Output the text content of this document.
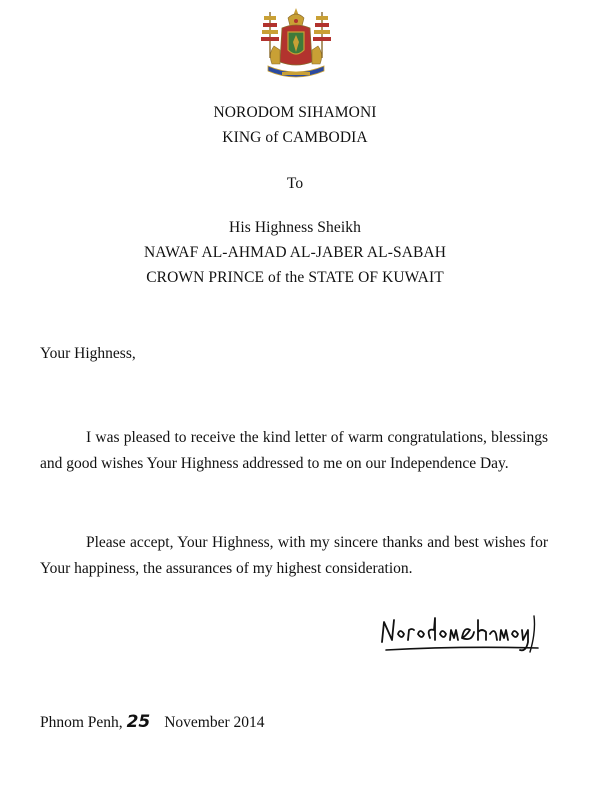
NORODOM SIHAMONI
KING of CAMBODIA
To
His Highness Sheikh
NAWAF AL-AHMAD AL-JABER AL-SABAH
CROWN PRINCE of the STATE OF KUWAIT
Your Highness,
I was pleased to receive the kind letter of warm congratulations, blessings and good wishes Your Highness addressed to me on our Independence Day.
Please accept, Your Highness, with my sincere thanks and best wishes for Your happiness, the assurances of my highest consideration.
Phnom Penh, 25 November 2014
